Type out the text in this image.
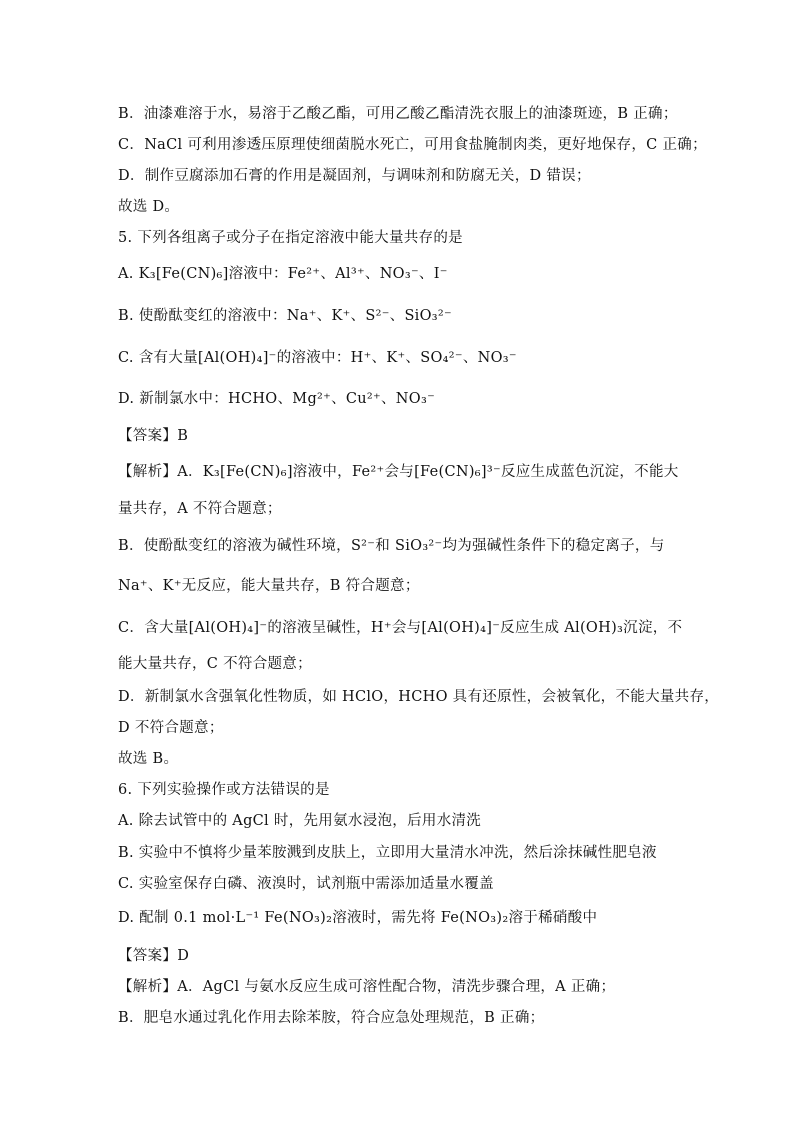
B．油漆难溶于水，易溶于乙酸乙酯，可用乙酸乙酯清洗衣服上的油漆斑迹，B 正确；
C．NaCl 可利用渗透压原理使细菌脱水死亡，可用食盐腌制肉类，更好地保存，C 正确；
D．制作豆腐添加石膏的作用是凝固剂，与调味剂和防腐无关，D 错误；
故选 D。
5. 下列各组离子或分子在指定溶液中能大量共存的是
A. K₃[Fe(CN)₆]溶液中：Fe²⁺、Al³⁺、NO₃⁻、I⁻
B. 使酚酞变红的溶液中：Na⁺、K⁺、S²⁻、SiO₃²⁻
C. 含有大量[Al(OH)₄]⁻的溶液中：H⁺、K⁺、SO₄²⁻、NO₃⁻
D. 新制氯水中：HCHO、Mg²⁺、Cu²⁺、NO₃⁻
【答案】B
【解析】A．K₃[Fe(CN)₆]溶液中，Fe²⁺会与[Fe(CN)₆]³⁻反应生成蓝色沉淀，不能大
量共存，A 不符合题意；
B．使酚酞变红的溶液为碱性环境，S²⁻和 SiO₃²⁻均为强碱性条件下的稳定离子，与
Na⁺、K⁺无反应，能大量共存，B 符合题意；
C．含大量[Al(OH)₄]⁻的溶液呈碱性，H⁺会与[Al(OH)₄]⁻反应生成 Al(OH)₃沉淀，不
能大量共存，C 不符合题意；
D．新制氯水含强氧化性物质，如 HClO，HCHO 具有还原性，会被氧化，不能大量共存，
D 不符合题意；
故选 B。
6. 下列实验操作或方法错误的是
A. 除去试管中的 AgCl 时，先用氨水浸泡，后用水清洗
B. 实验中不慎将少量苯胺溅到皮肤上，立即用大量清水冲洗，然后涂抹碱性肥皂液
C. 实验室保存白磷、液溴时，试剂瓶中需添加适量水覆盖
D. 配制 0.1 mol·L⁻¹ Fe(NO₃)₂溶液时，需先将 Fe(NO₃)₂溶于稀硝酸中
【答案】D
【解析】A．AgCl 与氨水反应生成可溶性配合物，清洗步骤合理，A 正确；
B．肥皂水通过乳化作用去除苯胺，符合应急处理规范，B 正确；
